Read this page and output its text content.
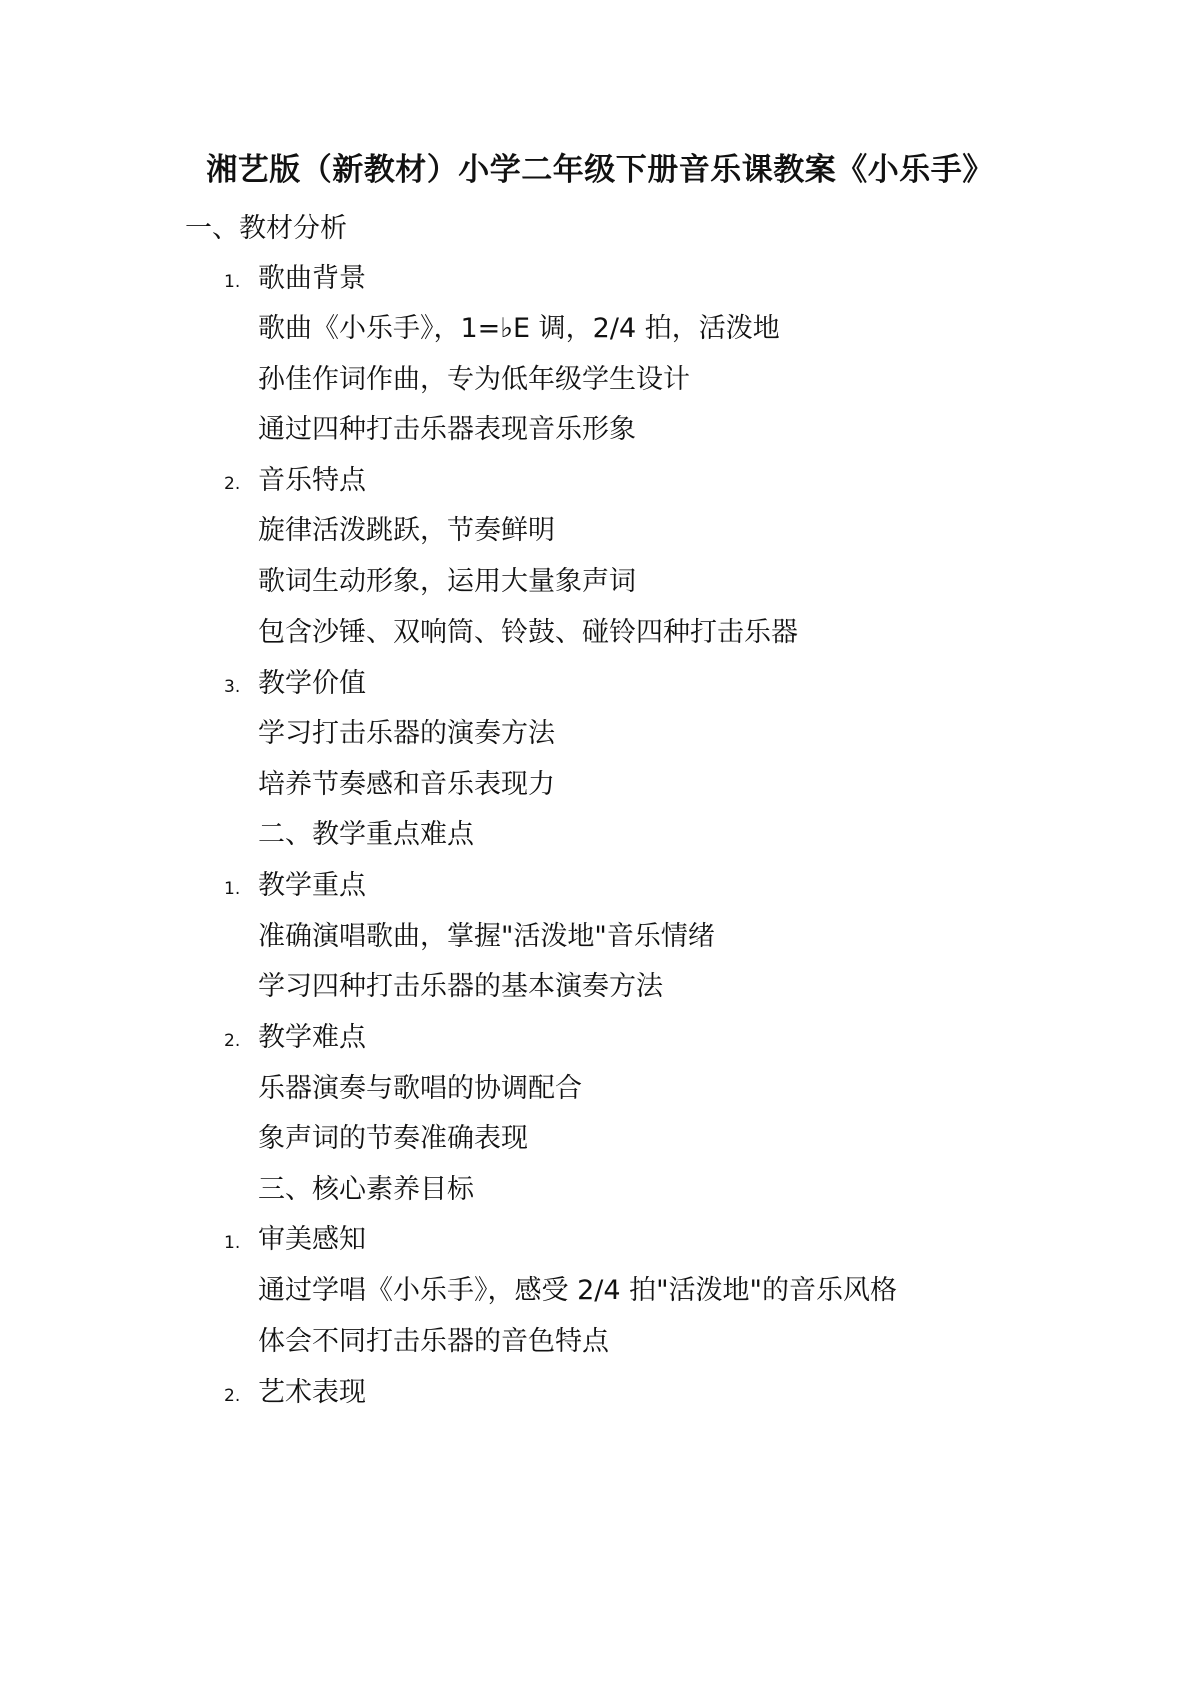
湘艺版（新教材）小学二年级下册音乐课教案《小乐手》
一、教材分析
1. 歌曲背景
歌曲《小乐手》，1=♭E 调，2/4 拍，活泼地
孙佳作词作曲，专为低年级学生设计
通过四种打击乐器表现音乐形象
2. 音乐特点
旋律活泼跳跃，节奏鲜明
歌词生动形象，运用大量象声词
包含沙锤、双响筒、铃鼓、碰铃四种打击乐器
3. 教学价值
学习打击乐器的演奏方法
培养节奏感和音乐表现力
二、教学重点难点
1. 教学重点
准确演唱歌曲，掌握"活泼地"音乐情绪
学习四种打击乐器的基本演奏方法
2. 教学难点
乐器演奏与歌唱的协调配合
象声词的节奏准确表现
三、核心素养目标
1. 审美感知
通过学唱《小乐手》，感受 2/4 拍"活泼地"的音乐风格
体会不同打击乐器的音色特点
2. 艺术表现
